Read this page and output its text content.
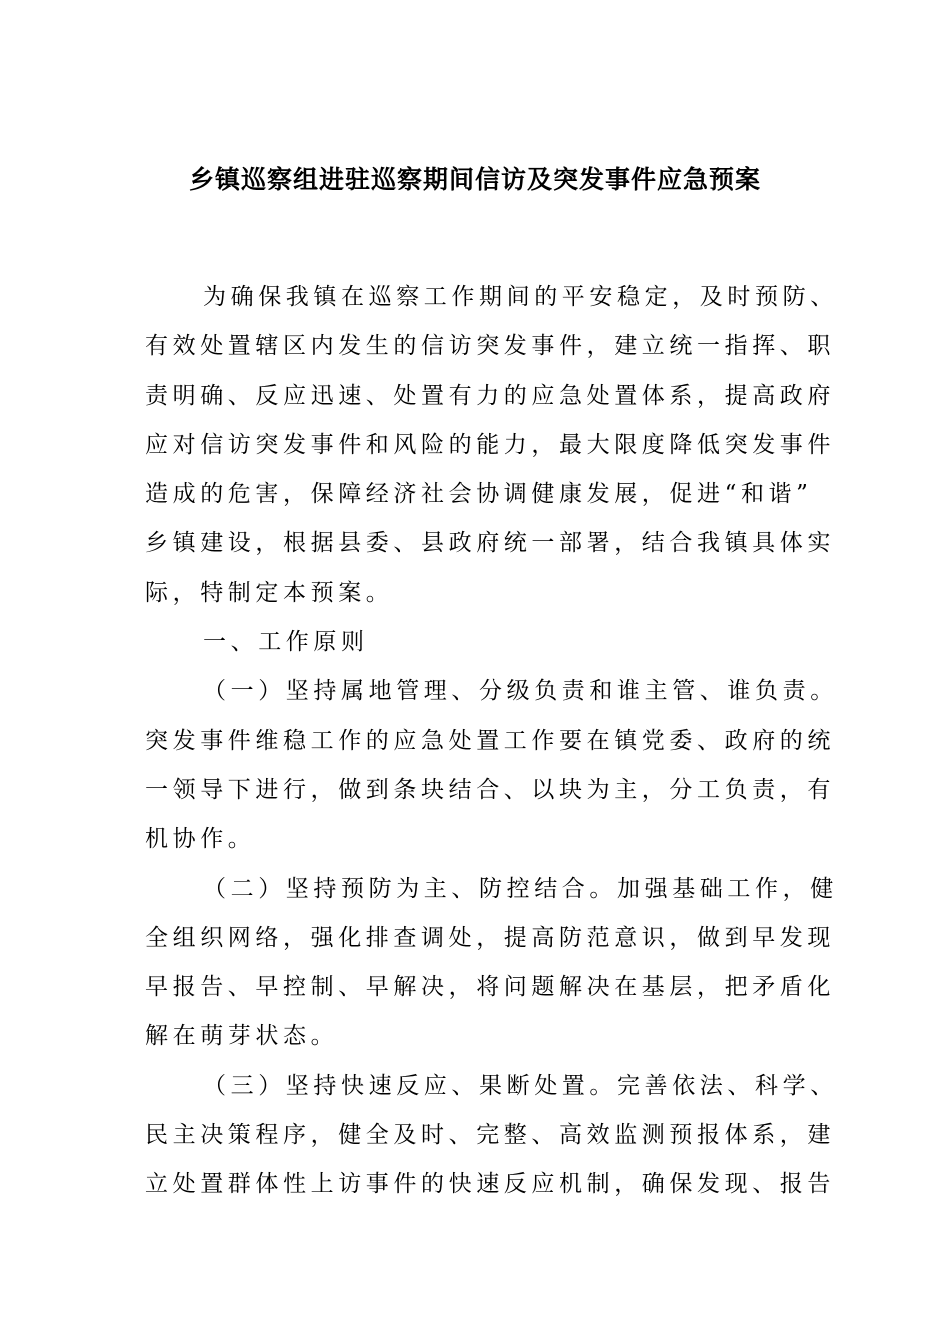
乡镇巡察组进驻巡察期间信访及突发事件应急预案
为确保我镇在巡察工作期间的平安稳定，及时预防、
有效处置辖区内发生的信访突发事件，建立统一指挥、职
责明确、反应迅速、处置有力的应急处置体系，提高政府
应对信访突发事件和风险的能力，最大限度降低突发事件
造成的危害，保障经济社会协调健康发展，促进“和谐”
乡镇建设，根据县委、县政府统一部署，结合我镇具体实
际，特制定本预案。
一、工作原则
（一）坚持属地管理、分级负责和谁主管、谁负责。
突发事件维稳工作的应急处置工作要在镇党委、政府的统
一领导下进行，做到条块结合、以块为主，分工负责，有
机协作。
（二）坚持预防为主、防控结合。加强基础工作，健
全组织网络，强化排查调处，提高防范意识，做到早发现
早报告、早控制、早解决，将问题解决在基层，把矛盾化
解在萌芽状态。
（三）坚持快速反应、果断处置。完善依法、科学、
民主决策程序，健全及时、完整、高效监测预报体系，建
立处置群体性上访事件的快速反应机制，确保发现、报告
